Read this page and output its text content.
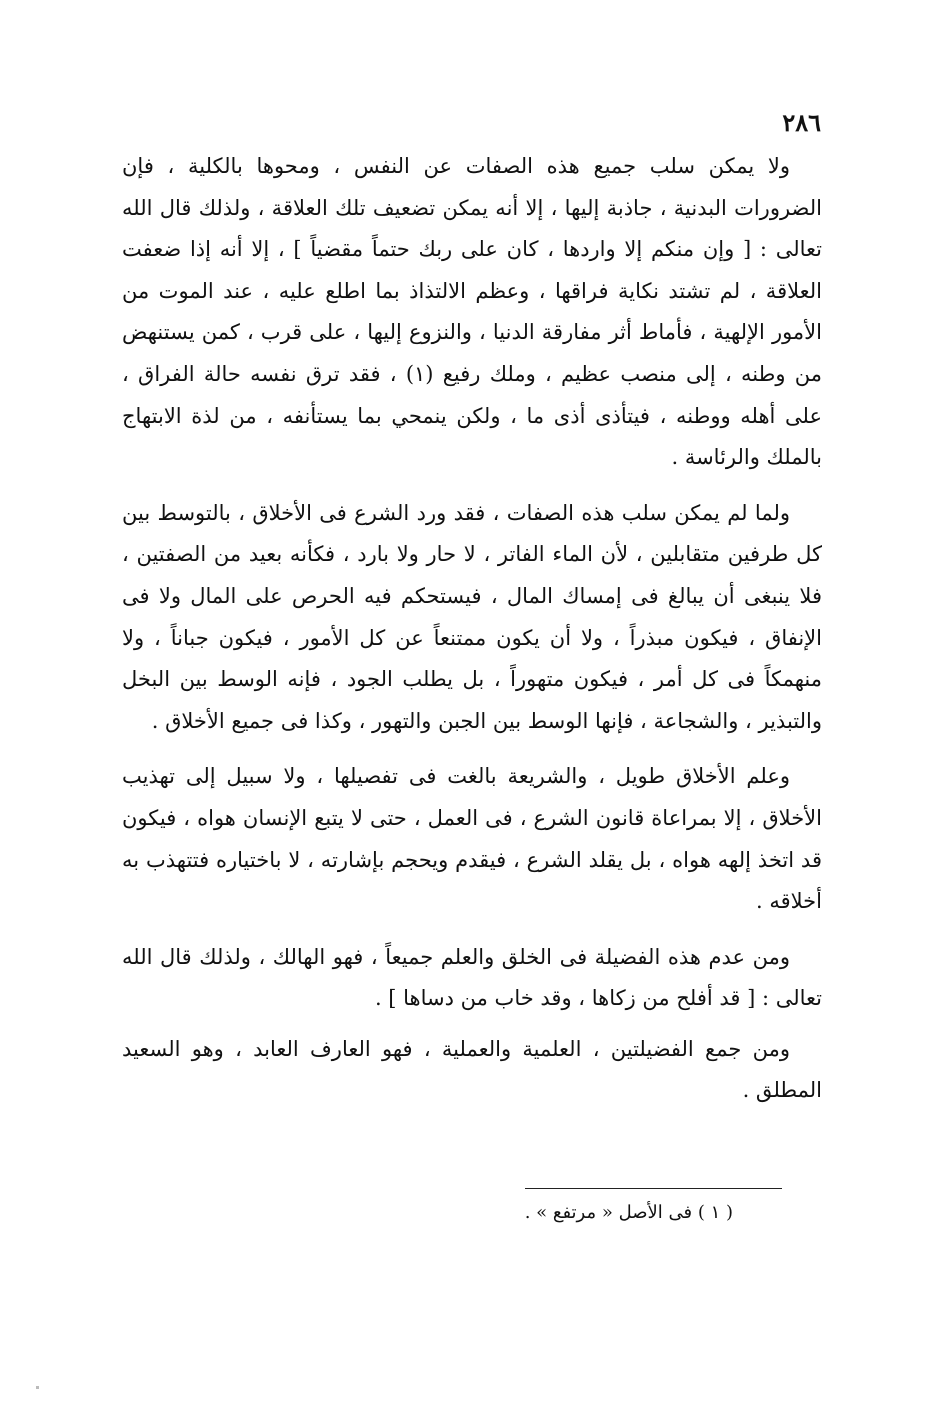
٢٨٦

ولا يمكن سلب جميع هذه الصفات عن النفس ، ومحوها بالكلية ، فإن الضرورات البدنية ، جاذبة إليها ، إلا أنه يمكن تضعيف تلك العلاقة ، ولذلك قال الله تعالى : [ وإن منكم إلا واردها ، كان على ربك حتماً مقضياً ] ، إلا أنه إذا ضعفت العلاقة ، لم تشتد نكاية فراقها ، وعظم الالتذاذ بما اطلع عليه ، عند الموت من الأمور الإلهية ، فأماط أثر مفارقة الدنيا ، والنزوع إليها ، على قرب ، كمن يستنهض من وطنه ، إلى منصب عظيم ، وملك رفيع (١) ، فقد ترق نفسه حالة الفراق ، على أهله ووطنه ، فيتأذى أذى ما ، ولكن ينمحي بما يستأنفه ، من لذة الابتهاج بالملك والرئاسة .

ولما لم يمكن سلب هذه الصفات ، فقد ورد الشرع فى الأخلاق ، بالتوسط بين كل طرفين متقابلين ، لأن الماء الفاتر ، لا حار ولا بارد ، فكأنه بعيد من الصفتين ، فلا ينبغى أن يبالغ فى إمساك المال ، فيستحكم فيه الحرص على المال ولا فى الإنفاق ، فيكون مبذراً ، ولا أن يكون ممتنعاً عن كل الأمور ، فيكون جباناً ، ولا منهمكاً فى كل أمر ، فيكون متهوراً ، بل يطلب الجود ، فإنه الوسط بين البخل والتبذير ، والشجاعة ، فإنها الوسط بين الجبن والتهور ، وكذا فى جميع الأخلاق .

وعلم الأخلاق طويل ، والشريعة بالغت فى تفصيلها ، ولا سبيل إلى تهذيب الأخلاق ، إلا بمراعاة قانون الشرع ، فى العمل ، حتى لا يتبع الإنسان هواه ، فيكون قد اتخذ إلهه هواه ، بل يقلد الشرع ، فيقدم ويحجم بإشارته ، لا باختياره فتتهذب به أخلاقه .

ومن عدم هذه الفضيلة فى الخلق والعلم جميعاً ، فهو الهالك ، ولذلك قال الله تعالى : [ قد أفلح من زكاها ، وقد خاب من دساها ] .

ومن جمع الفضيلتين ، العلمية والعملية ، فهو العارف العابد ، وهو السعيد المطلق .

( ١ ) فى الأصل « مرتفع » .
